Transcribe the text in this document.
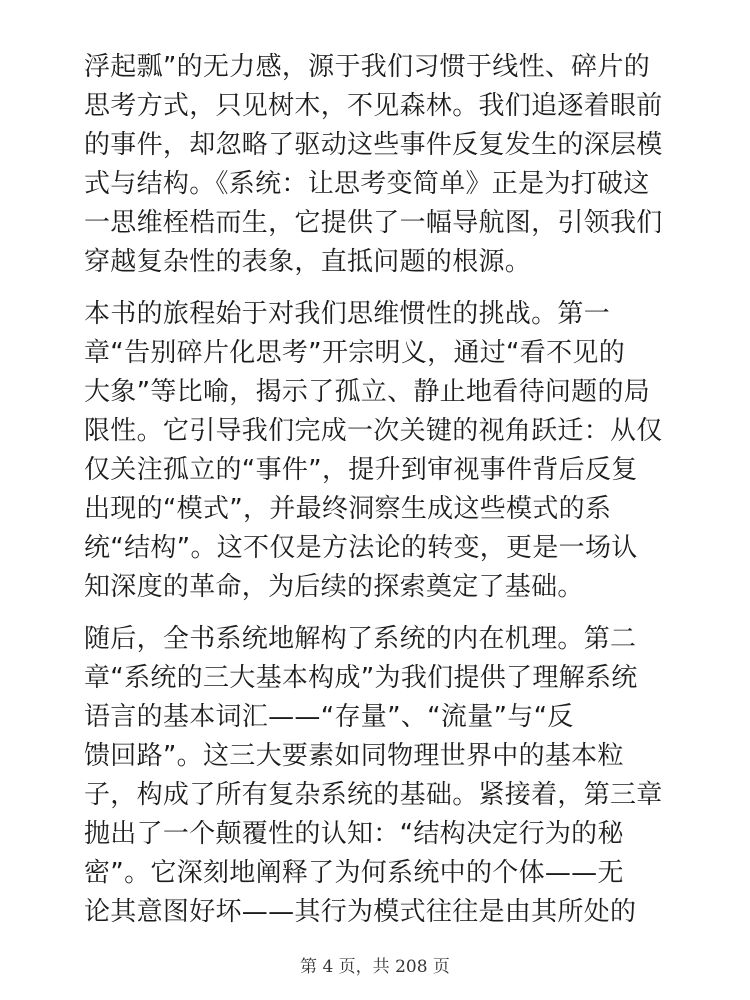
浮起瓢”的无力感，源于我们习惯于线性、碎片的
思考方式，只见树木，不见森林。我们追逐着眼前
的事件，却忽略了驱动这些事件反复发生的深层模
式与结构。《系统：让思考变简单》正是为打破这
一思维桎梏而生，它提供了一幅导航图，引领我们
穿越复杂性的表象，直抵问题的根源。
本书的旅程始于对我们思维惯性的挑战。第一
章“告别碎片化思考”开宗明义，通过“看不见的
大象”等比喻，揭示了孤立、静止地看待问题的局
限性。它引导我们完成一次关键的视角跃迁：从仅
仅关注孤立的“事件”，提升到审视事件背后反复
出现的“模式”，并最终洞察生成这些模式的系
统“结构”。这不仅是方法论的转变，更是一场认
知深度的革命，为后续的探索奠定了基础。
随后，全书系统地解构了系统的内在机理。第二
章“系统的三大基本构成”为我们提供了理解系统
语言的基本词汇——“存量”、“流量”与“反
馈回路”。这三大要素如同物理世界中的基本粒
子，构成了所有复杂系统的基础。紧接着，第三章
抛出了一个颠覆性的认知：“结构决定行为的秘
密”。它深刻地阐释了为何系统中的个体——无
论其意图好坏——其行为模式往往是由其所处的
第 4 页，共 208 页
